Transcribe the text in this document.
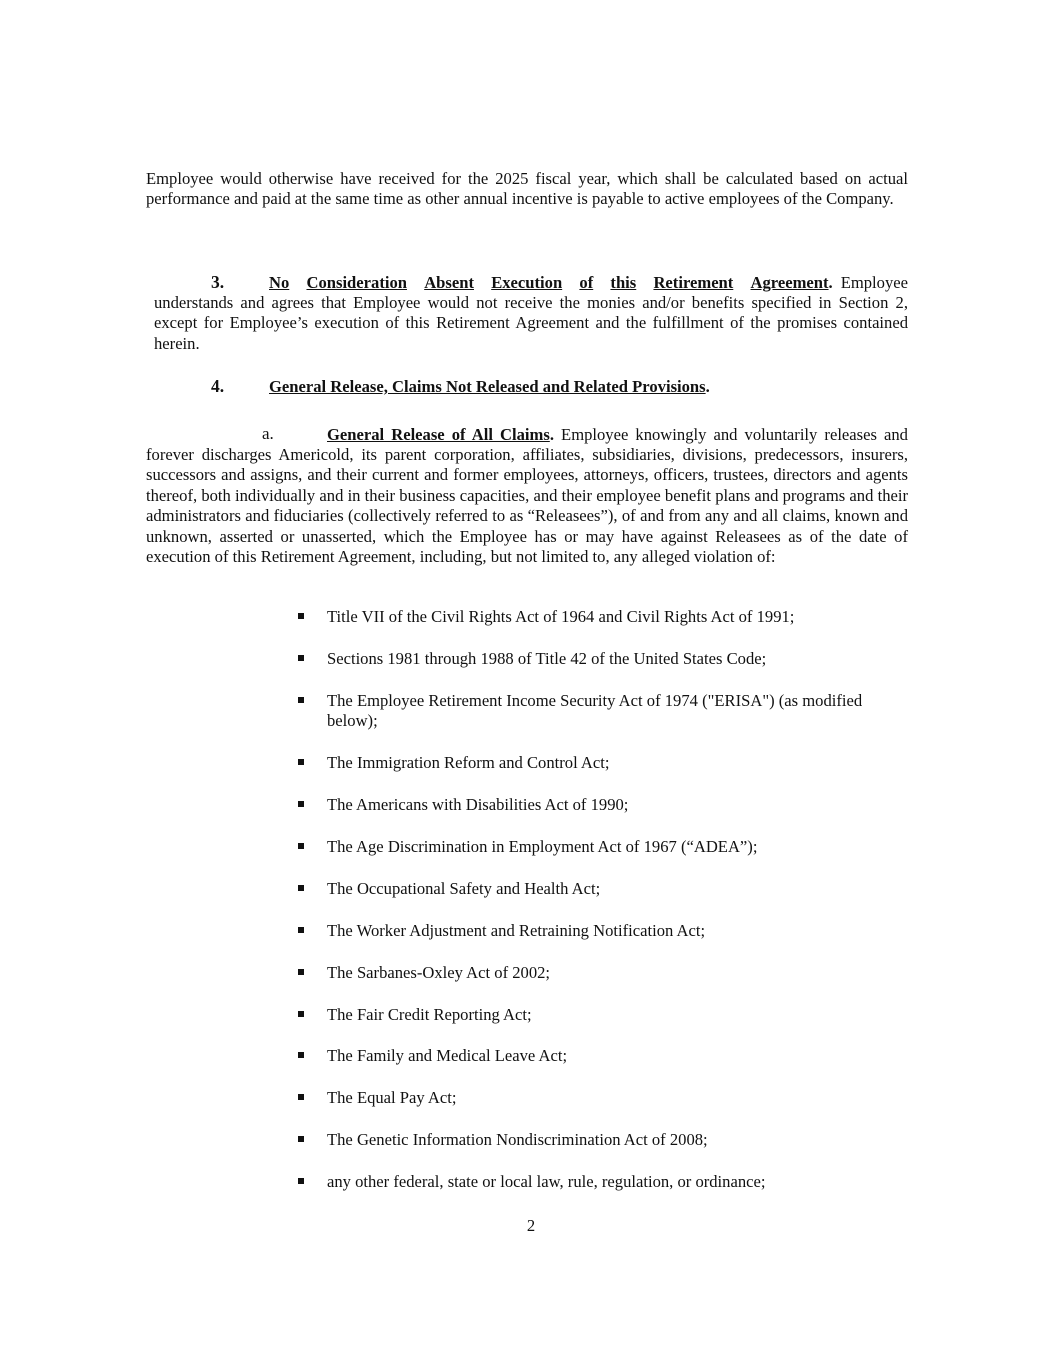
Employee would otherwise have received for the 2025 fiscal year, which shall be calculated based on actual performance and paid at the same time as other annual incentive is payable to active employees of the Company.
3.	No Consideration Absent Execution of this Retirement Agreement. Employee
understands and agrees that Employee would not receive the monies and/or benefits specified in Section 2, except for Employee’s execution of this Retirement Agreement and the fulfillment of the promises contained herein.
4.	General Release, Claims Not Released and Related Provisions.
a.	General Release of All Claims. Employee knowingly and voluntarily releases and
forever discharges Americold, its parent corporation, affiliates, subsidiaries, divisions, predecessors, insurers, successors and assigns, and their current and former employees, attorneys, officers, trustees, directors and agents thereof, both individually and in their business capacities, and their employee benefit plans and programs and their administrators and fiduciaries (collectively referred to as “Releasees”), of and from any and all claims, known and unknown, asserted or unasserted, which the Employee has or may have against Releasees as of the date of execution of this Retirement Agreement, including, but not limited to, any alleged violation of:
Title VII of the Civil Rights Act of 1964 and Civil Rights Act of 1991;
Sections 1981 through 1988 of Title 42 of the United States Code;
The Employee Retirement Income Security Act of 1974 ("ERISA") (as modified below);
The Immigration Reform and Control Act;
The Americans with Disabilities Act of 1990;
The Age Discrimination in Employment Act of 1967 (“ADEA”);
The Occupational Safety and Health Act;
The Worker Adjustment and Retraining Notification Act;
The Sarbanes-Oxley Act of 2002;
The Fair Credit Reporting Act;
The Family and Medical Leave Act;
The Equal Pay Act;
The Genetic Information Nondiscrimination Act of 2008;
any other federal, state or local law, rule, regulation, or ordinance;
2
